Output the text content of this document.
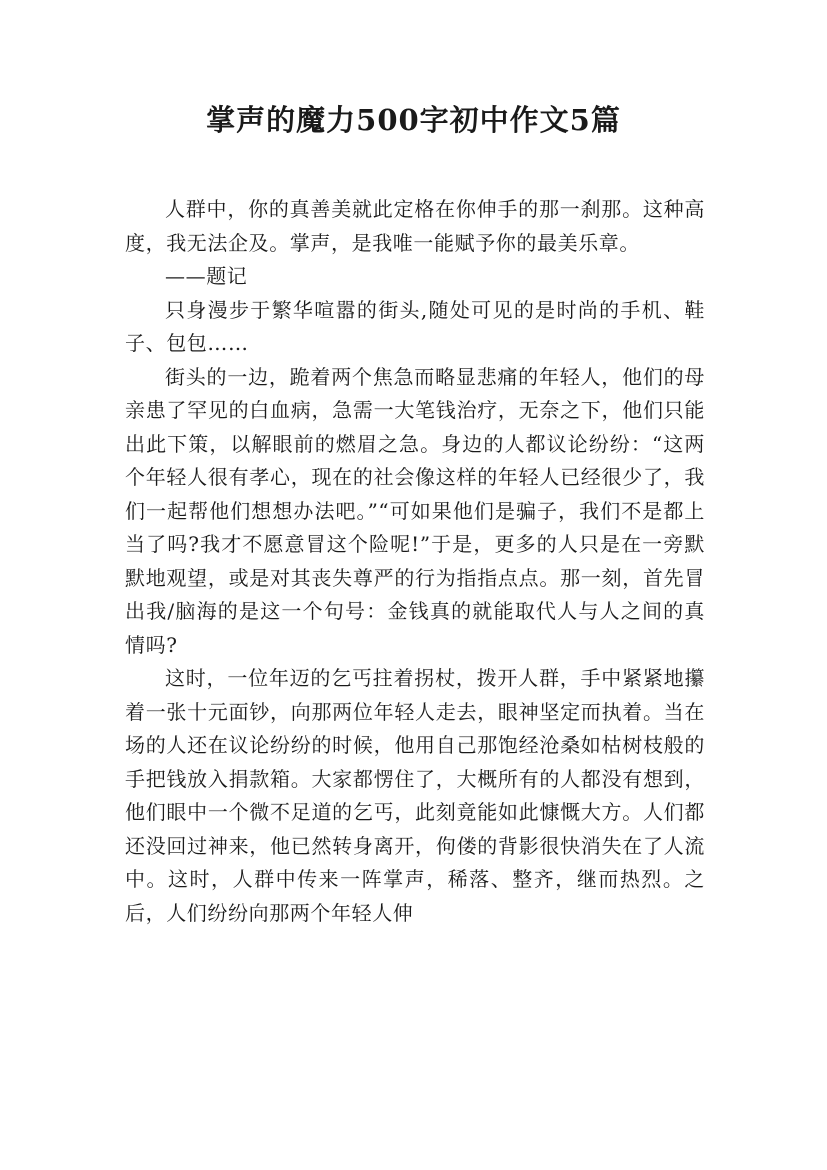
掌声的魔力500字初中作文5篇

人群中，你的真善美就此定格在你伸手的那一刹那。这种高度，我无法企及。掌声，是我唯一能赋予你的最美乐章。

——题记

只身漫步于繁华喧嚣的街头,随处可见的是时尚的手机、鞋子、包包……

街头的一边，跪着两个焦急而略显悲痛的年轻人，他们的母亲患了罕见的白血病，急需一大笔钱治疗，无奈之下，他们只能出此下策，以解眼前的燃眉之急。身边的人都议论纷纷：“这两个年轻人很有孝心，现在的社会像这样的年轻人已经很少了，我们一起帮他们想想办法吧。”“可如果他们是骗子，我们不是都上当了吗?我才不愿意冒这个险呢!”于是，更多的人只是在一旁默默地观望，或是对其丧失尊严的行为指指点点。那一刻，首先冒出我/脑海的是这一个句号：金钱真的就能取代人与人之间的真情吗?

这时，一位年迈的乞丐拄着拐杖，拨开人群，手中紧紧地攥着一张十元面钞，向那两位年轻人走去，眼神坚定而执着。当在场的人还在议论纷纷的时候，他用自己那饱经沧桑如枯树枝般的手把钱放入捐款箱。大家都愣住了，大概所有的人都没有想到，他们眼中一个微不足道的乞丐，此刻竟能如此慷慨大方。人们都还没回过神来，他已然转身离开，佝偻的背影很快消失在了人流中。这时，人群中传来一阵掌声，稀落、整齐，继而热烈。之后，人们纷纷向那两个年轻人伸
